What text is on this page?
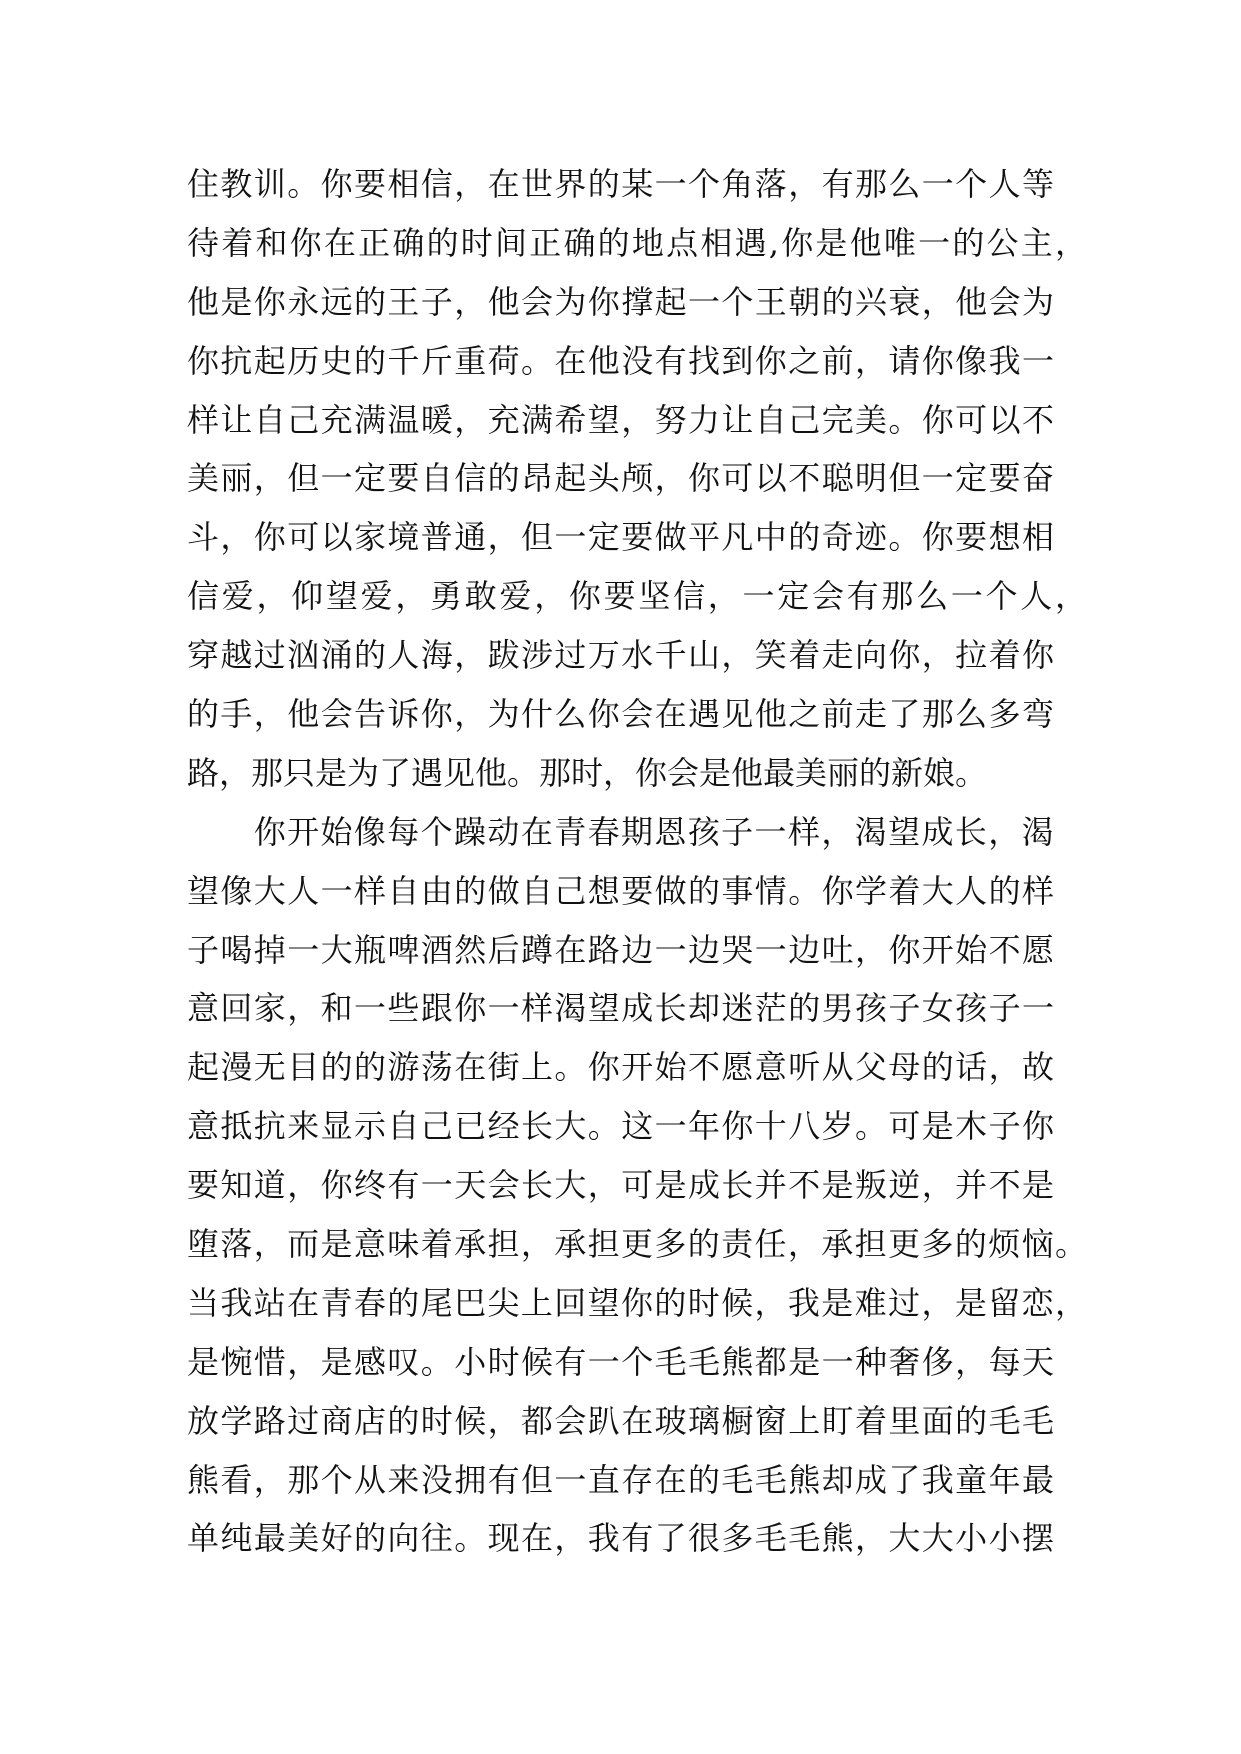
住教训。你要相信，在世界的某一个角落，有那么一个人等
待着和你在正确的时间正确的地点相遇,你是他唯一的公主，
他是你永远的王子，他会为你撑起一个王朝的兴衰，他会为
你抗起历史的千斤重荷。在他没有找到你之前，请你像我一
样让自己充满温暖，充满希望，努力让自己完美。你可以不
美丽，但一定要自信的昂起头颅，你可以不聪明但一定要奋
斗，你可以家境普通，但一定要做平凡中的奇迹。你要想相
信爱，仰望爱，勇敢爱，你要坚信，一定会有那么一个人，
穿越过汹涌的人海，跋涉过万水千山，笑着走向你，拉着你
的手，他会告诉你，为什么你会在遇见他之前走了那么多弯
路，那只是为了遇见他。那时，你会是他最美丽的新娘。
你开始像每个躁动在青春期恩孩子一样，渴望成长，渴
望像大人一样自由的做自己想要做的事情。你学着大人的样
子喝掉一大瓶啤酒然后蹲在路边一边哭一边吐，你开始不愿
意回家，和一些跟你一样渴望成长却迷茫的男孩子女孩子一
起漫无目的的游荡在街上。你开始不愿意听从父母的话，故
意抵抗来显示自己已经长大。这一年你十八岁。可是木子你
要知道，你终有一天会长大，可是成长并不是叛逆，并不是
堕落，而是意味着承担，承担更多的责任，承担更多的烦恼。
当我站在青春的尾巴尖上回望你的时候，我是难过，是留恋，
是惋惜，是感叹。小时候有一个毛毛熊都是一种奢侈，每天
放学路过商店的时候，都会趴在玻璃橱窗上盯着里面的毛毛
熊看，那个从来没拥有但一直存在的毛毛熊却成了我童年最
单纯最美好的向往。现在，我有了很多毛毛熊，大大小小摆
